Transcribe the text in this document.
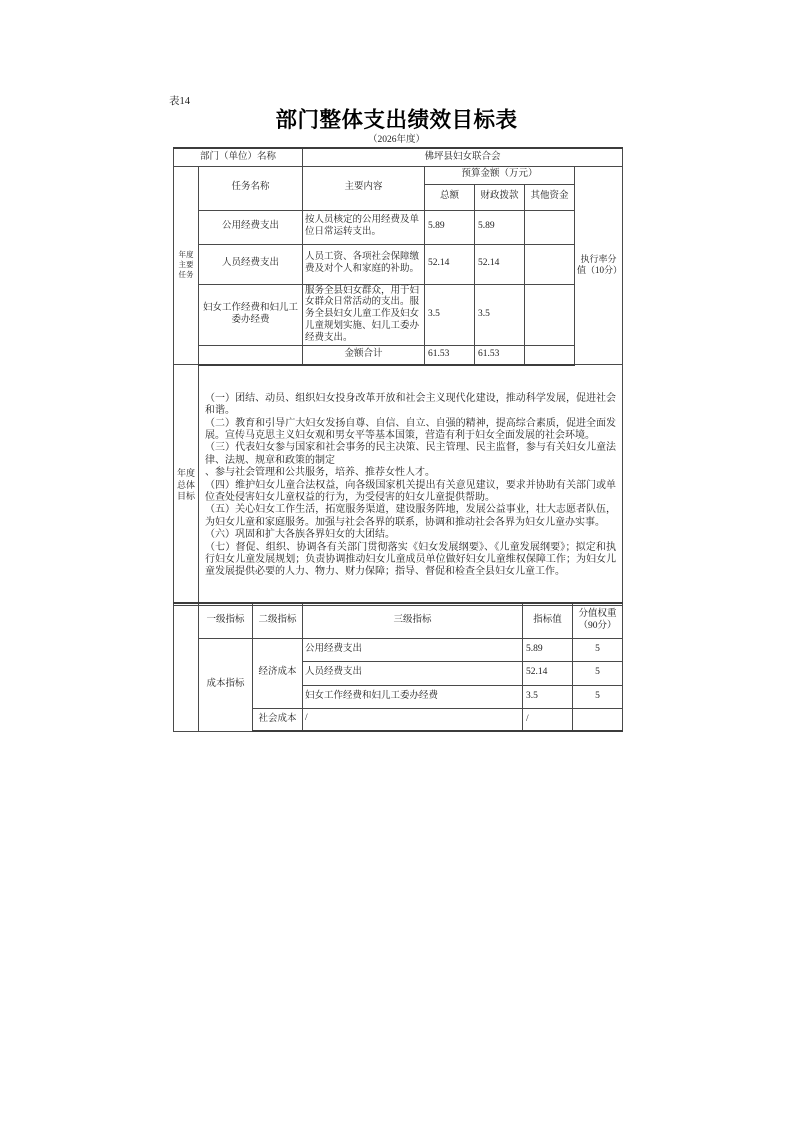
表14
部门整体支出绩效目标表
（2026年度）
部门（单位）名称		佛坪县妇女联合会				
年度主要任务	任务名称	主要内容	预算金额（万元）			执行率分值（10分）
			总额	财政拨款	其他资金	
	公用经费支出	按人员核定的公用经费及单位日常运转支出。	5.89	5.89		
	人员经费支出	人员工资、各项社会保障缴费及对个人和家庭的补助。	52.14	52.14		
	妇女工作经费和妇儿工委办经费	服务全县妇女群众，用于妇女群众日常活动的支出。服务全县妇女儿童工作及妇女儿童规划实施、妇儿工委办经费支出。	3.5	3.5		
		金额合计	61.53	61.53		
年度总体目标	
（一）团结、动员、组织妇女投身改革开放和社会主义现代化建设，推动科学发展，促进社会和谐。
（二）教育和引导广大妇女发扬自尊、自信、自立、自强的精神，提高综合素质，促进全面发展。宣传马克思主义妇女观和男女平等基本国策，营造有利于妇女全面发展的社会环境。
（三）代表妇女参与国家和社会事务的民主决策、民主管理、民主监督，参与有关妇女儿童法律、法规、规章和政策的制定
、参与社会管理和公共服务，培养、推荐女性人才。
（四）维护妇女儿童合法权益，向各级国家机关提出有关意见建议，要求并协助有关部门或单位查处侵害妇女儿童权益的行为，为受侵害的妇女儿童提供帮助。
（五）关心妇女工作生活，拓宽服务渠道，建设服务阵地，发展公益事业，壮大志愿者队伍，为妇女儿童和家庭服务。加强与社会各界的联系，协调和推动社会各界为妇女儿童办实事。
（六）巩固和扩大各族各界妇女的大团结。
（七）督促、组织、协调各有关部门贯彻落实《妇女发展纲要》、《儿童发展纲要》；拟定和执行妇女儿童发展规划；负责协调推动妇女儿童成员单位做好妇女儿童维权保障工作；为妇女儿童发展提供必要的人力、物力、财力保障；指导、督促和检查全县妇女儿童工作。
	一级指标	二级指标	三级指标	指标值	分值权重（90分）
	成本指标	经济成本	公用经费支出	5.89	5
			人员经费支出	52.14	5
			妇女工作经费和妇儿工委办经费	3.5	5
		社会成本	/	/	
